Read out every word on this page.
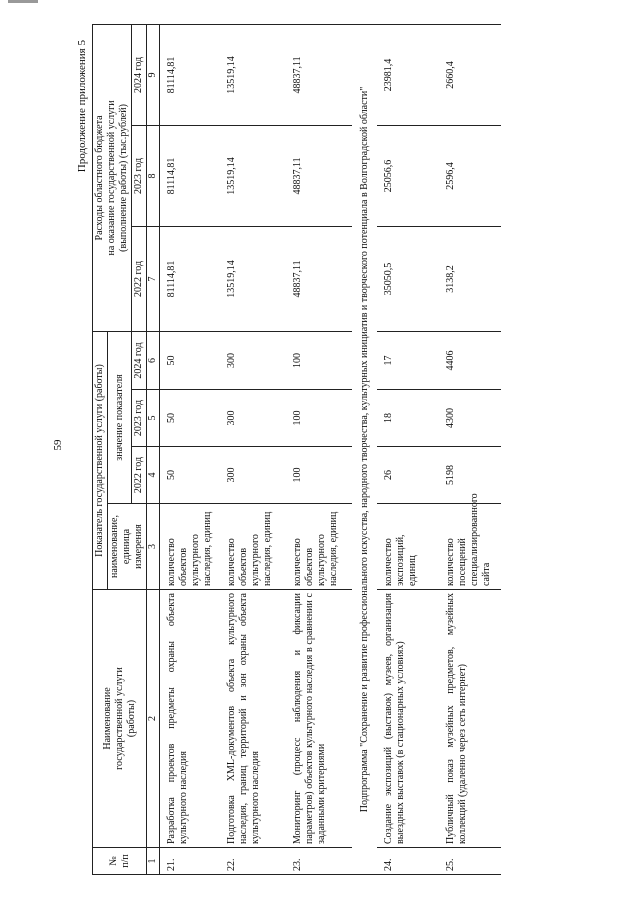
59
Продолжение приложения 5
№
п/п	Наименование
государственной услуги
(работы)	Показатель государственной услуги (работы)				Расходы областного бюджета
на оказание государственной услуги
(выполнение работы) (тыс.рублей)		
		наименование,
единица
измерения	значение показателя					
			2022 год	2023 год	2024 год	2022 год	2023 год	2024 год
1	2	3	4	5	6	7	8	9
21.	Разработка проектов предметы охраны объекта культурного наследия	количество объектов культурного наследия, единиц	50	50	50	81114,81	81114,81	81114,81
22.	Подготовка XML-документов объекта культурного наследия, границ территорий и зон охраны объекта культурного наследия	количество объектов культурного наследия, единиц	300	300	300	13519,14	13519,14	13519,14
23.	Мониторинг (процесс наблюдения и фиксации параметров) объектов культурного наследия в сравнении с заданными критериями	количество объектов культурного наследия, единиц	100	100	100	48837,11	48837,11	48837,11
Подпрограмма "Сохранение и развитие профессионального искусства, народного творчества, культурных инициатив и творческого потенциала в Волгоградской области"								
24.	Создание экспозиций (выставок) музеев, организация выездных выставок (в стационарных условиях)	количество экспозиций, единиц	26	18	17	35050,5	25056,6	23981,4
25.	Публичный показ музейных предметов, музейных коллекций (удаленно через сеть интернет)	количество посещений специализированного сайта	5198	4300	4406	3138,2	2596,4	2660,4
